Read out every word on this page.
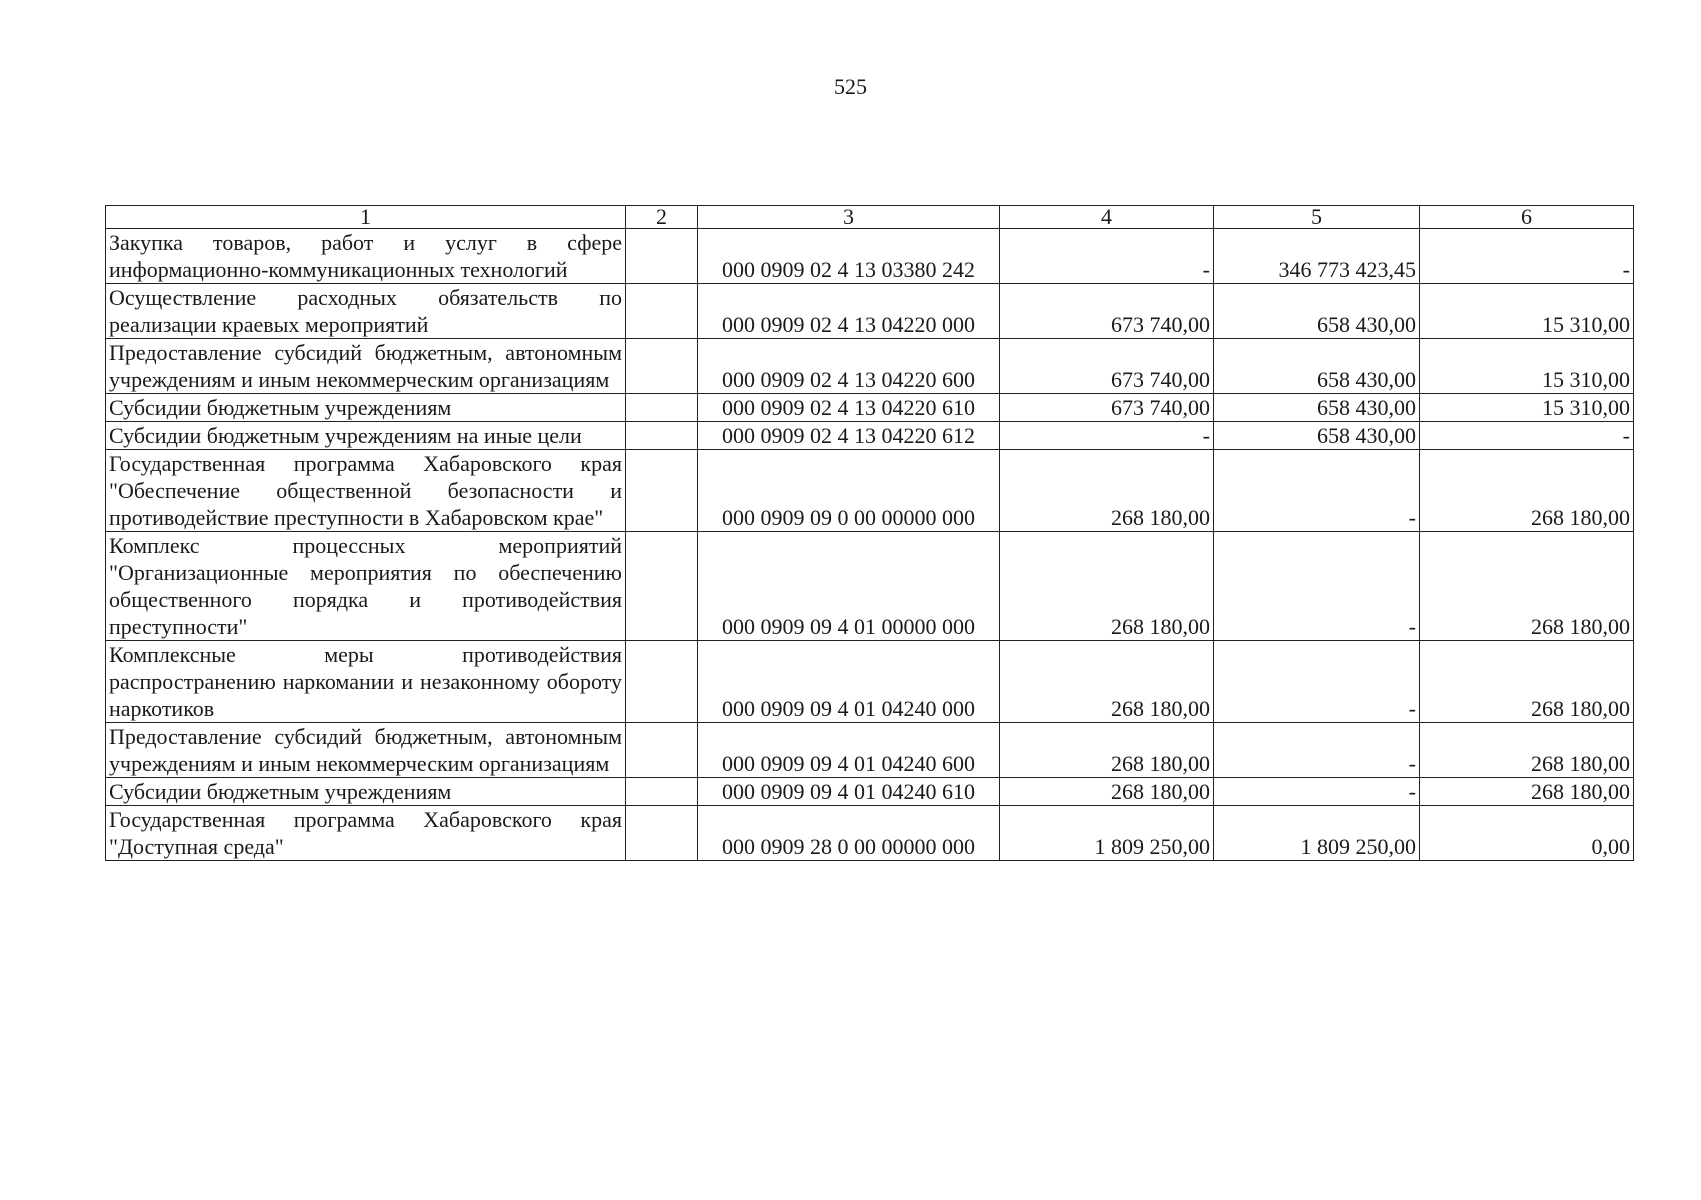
525
1	2	3	4	5	6
Закупка товаров, работ и услуг в сфере информационно-коммуникационных технологий		000 0909 02 4 13 03380 242	-	346 773 423,45	-
Осуществление расходных обязательств по реализации краевых мероприятий		000 0909 02 4 13 04220 000	673 740,00	658 430,00	15 310,00
Предоставление субсидий бюджетным, автономным учреждениям и иным некоммерческим организациям		000 0909 02 4 13 04220 600	673 740,00	658 430,00	15 310,00
Субсидии бюджетным учреждениям		000 0909 02 4 13 04220 610	673 740,00	658 430,00	15 310,00
Субсидии бюджетным учреждениям на иные цели		000 0909 02 4 13 04220 612	-	658 430,00	-
Государственная программа Хабаровского края "Обеспечение общественной безопасности и противодействие преступности в Хабаровском крае"		000 0909 09 0 00 00000 000	268 180,00	-	268 180,00
Комплекс процессных мероприятий "Организационные мероприятия по обеспечению общественного порядка и противодействия преступности"		000 0909 09 4 01 00000 000	268 180,00	-	268 180,00
Комплексные меры противодействия распространению наркомании и незаконному обороту наркотиков		000 0909 09 4 01 04240 000	268 180,00	-	268 180,00
Предоставление субсидий бюджетным, автономным учреждениям и иным некоммерческим организациям		000 0909 09 4 01 04240 600	268 180,00	-	268 180,00
Субсидии бюджетным учреждениям		000 0909 09 4 01 04240 610	268 180,00	-	268 180,00
Государственная программа Хабаровского края "Доступная среда"		000 0909 28 0 00 00000 000	1 809 250,00	1 809 250,00	0,00
